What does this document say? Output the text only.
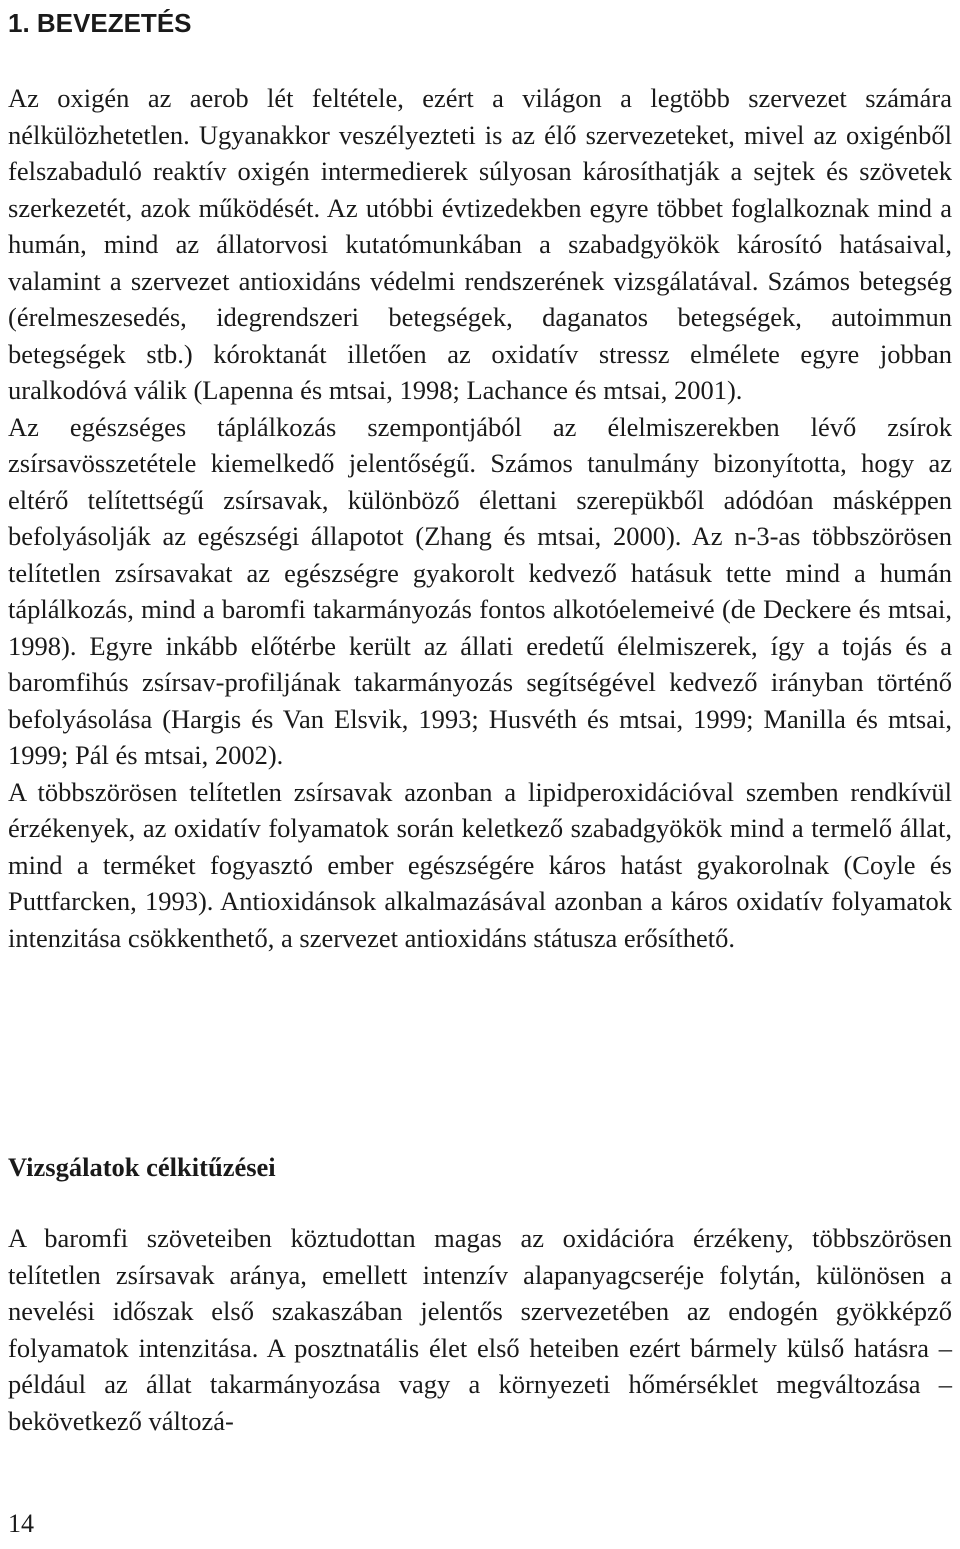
1. BEVEZETÉS

Az oxigén az aerob lét feltétele, ezért a világon a legtöbb szervezet számára nélkülözhetetlen. Ugyanakkor veszélyezteti is az élő szervezeteket, mivel az oxigénből felszabaduló reaktív oxigén intermedierek súlyosan károsíthatják a sejtek és szövetek szerkezetét, azok működését. Az utóbbi évtizedekben egyre többet foglalkoznak mind a humán, mind az állatorvosi kutatómunkában a szabadgyökök károsító hatásaival, valamint a szervezet antioxidáns védelmi rendszerének vizsgálatával. Számos betegség (érelmeszesedés, idegrendszeri betegségek, daganatos betegségek, autoimmun betegségek stb.) kóroktanát illetően az oxidatív stressz elmélete egyre jobban uralkodóvá válik (Lapenna és mtsai, 1998; Lachance és mtsai, 2001).

Az egészséges táplálkozás szempontjából az élelmiszerekben lévő zsírok zsírsavösszetétele kiemelkedő jelentőségű. Számos tanulmány bizonyította, hogy az eltérő telítettségű zsírsavak, különböző élettani szerepükből adódóan másképpen befolyásolják az egészségi állapotot (Zhang és mtsai, 2000). Az n-3-as többszörösen telítetlen zsírsavakat az egészségre gyakorolt kedvező hatásuk tette mind a humán táplálkozás, mind a baromfi takarmányozás fontos alkotóelemeivé (de Deckere és mtsai, 1998). Egyre inkább előtérbe került az állati eredetű élelmiszerek, így a tojás és a baromfihús zsírsav-profiljának takarmányozás segítségével kedvező irányban történő befolyásolása (Hargis és Van Elsvik, 1993; Husvéth és mtsai, 1999; Manilla és mtsai, 1999; Pál és mtsai, 2002).

A többszörösen telítetlen zsírsavak azonban a lipidperoxidációval szemben rendkívül érzékenyek, az oxidatív folyamatok során keletkező szabadgyökök mind a termelő állat, mind a terméket fogyasztó ember egészségére káros hatást gyakorolnak (Coyle és Puttfarcken, 1993). Antioxidánsok alkalmazásával azonban a káros oxidatív folyamatok intenzitása csökkenthető, a szervezet antioxidáns státusza erősíthető.

Vizsgálatok célkitűzései

A baromfi szöveteiben köztudottan magas az oxidációra érzékeny, többszörösen telítetlen zsírsavak aránya, emellett intenzív alapanyagcseréje folytán, különösen a nevelési időszak első szakaszában jelentős szervezetében az endogén gyökképző folyamatok intenzitása. A posztnatális élet első heteiben ezért bármely külső hatásra – például az állat takarmányozása vagy a környezeti hőmérséklet megváltozása – bekövetkező változá-

14
